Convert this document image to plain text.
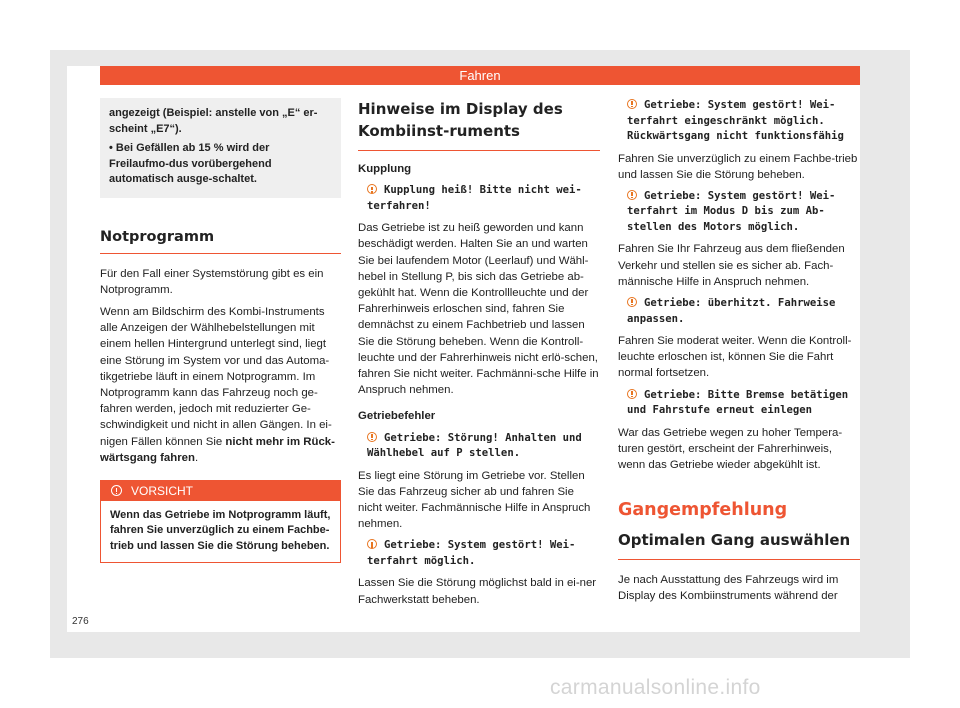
Fahren

angezeigt (Beispiel: anstelle von „E“ er-scheint „E7“).

• Bei Gefällen ab 15 % wird der Freilaufmo-dus vorübergehend automatisch ausge-schaltet.

Notprogramm

Für den Fall einer Systemstörung gibt es ein Notprogramm.

Wenn am Bildschirm des Kombi-Instruments alle Anzeigen der Wählhebelstellungen mit einem hellen Hintergrund unterlegt sind, liegt eine Störung im System vor und das Automa-tikgetriebe läuft in einem Notprogramm. Im Notprogramm kann das Fahrzeug noch ge-fahren werden, jedoch mit reduzierter Ge-schwindigkeit und nicht in allen Gängen. In ei-nigen Fällen können Sie nicht mehr im Rück-wärtsgang fahren.

VORSICHT
Wenn das Getriebe im Notprogramm läuft, fahren Sie unverzüglich zu einem Fachbe-trieb und lassen Sie die Störung beheben.
Hinweise im Display des Kombiinst-ruments

Kupplung

Kupplung heiß! Bitte nicht wei-terfahren!

Das Getriebe ist zu heiß geworden und kann beschädigt werden. Halten Sie an und warten Sie bei laufendem Motor (Leerlauf) und Wähl-hebel in Stellung P, bis sich das Getriebe ab-gekühlt hat. Wenn die Kontrollleuchte und der Fahrerhinweis erloschen sind, fahren Sie demnächst zu einem Fachbetrieb und lassen Sie die Störung beheben. Wenn die Kontroll-leuchte und der Fahrerhinweis nicht erlö-schen, fahren Sie nicht weiter. Fachmänni-sche Hilfe in Anspruch nehmen.

Getriebefehler

Getriebe: Störung! Anhalten und Wählhebel auf P stellen.

Es liegt eine Störung im Getriebe vor. Stellen Sie das Fahrzeug sicher ab und fahren Sie nicht weiter. Fachmännische Hilfe in Anspruch nehmen.

Getriebe: System gestört! Wei-terfahrt möglich.

Lassen Sie die Störung möglichst bald in ei-ner Fachwerkstatt beheben.

Getriebe: System gestört! Wei-terfahrt eingeschränkt möglich. Rückwärtsgang nicht funktionsfähig

Fahren Sie unverzüglich zu einem Fachbe-trieb und lassen Sie die Störung beheben.

Getriebe: System gestört! Wei-terfahrt im Modus D bis zum Ab-stellen des Motors möglich.

Fahren Sie Ihr Fahrzeug aus dem fließenden Verkehr und stellen sie es sicher ab. Fach-männische Hilfe in Anspruch nehmen.

Getriebe: überhitzt. Fahrweise anpassen.

Fahren Sie moderat weiter. Wenn die Kontroll-leuchte erloschen ist, können Sie die Fahrt normal fortsetzen.

Getriebe: Bitte Bremse betätigen und Fahrstufe erneut einlegen

War das Getriebe wegen zu hoher Tempera-turen gestört, erscheint der Fahrerhinweis, wenn das Getriebe wieder abgekühlt ist.

Gangempfehlung
Optimalen Gang auswählen

Je nach Ausstattung des Fahrzeugs wird im Display des Kombiinstruments während der

276
carmanualsonline.info
